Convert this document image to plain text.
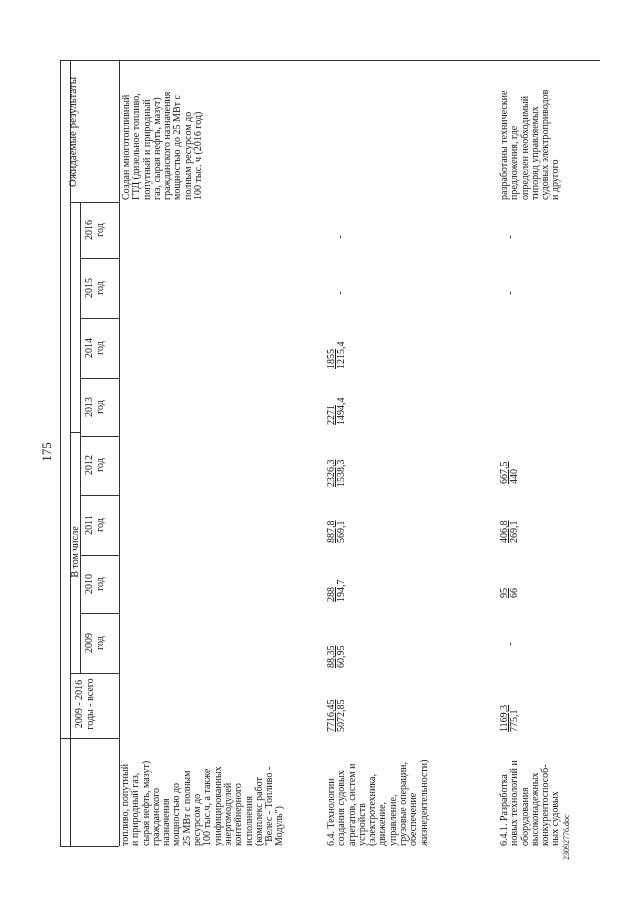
175
Ожидаемые результаты
В том числе
2016 год
2015 год
2014 год
2013 год
2012 год
2011 год
2010 год
2009 год
2009 - 2016 годы - всего
топливо, попутный и природный газ, сырая нефть, мазут) гражданского назначения мощностью до 25 МВт с полным ресурсом до 100 тыс.ч, а также унифицированных энергомодулей контейнерного исполнения (комплекс работ "Велес - Топливо - Модуль")
Создан многотопливный ГТД (дизельное топливо, попутный и природный газ, сырая нефть, мазут) гражданского назначения мощностью до 25 МВт с полным ресурсом до 100 тыс. ч (2016 год)
6.4. Технологии создания судовых агрегатов, систем и устройств (электротехника, движение, управление, грузовые операции, обеспечение жизнедеятельности)
7716,45 5072,85
88,35 60,95
288 194,7
887,8 569,1
2326,3 1538,3
2271 1494,4
1855 1215,4
-
-
6.4.1. Разработка новых технологий и оборудования высоконадежных конкурентоспособ- ных судовых
1169,3 775,1
-
95 66
406,8 269,1
667,5 440
-
-
разработаны технические предложения, где определен необходимый типоряд управляемых судовых электроприводов и другого
23092776.doc
